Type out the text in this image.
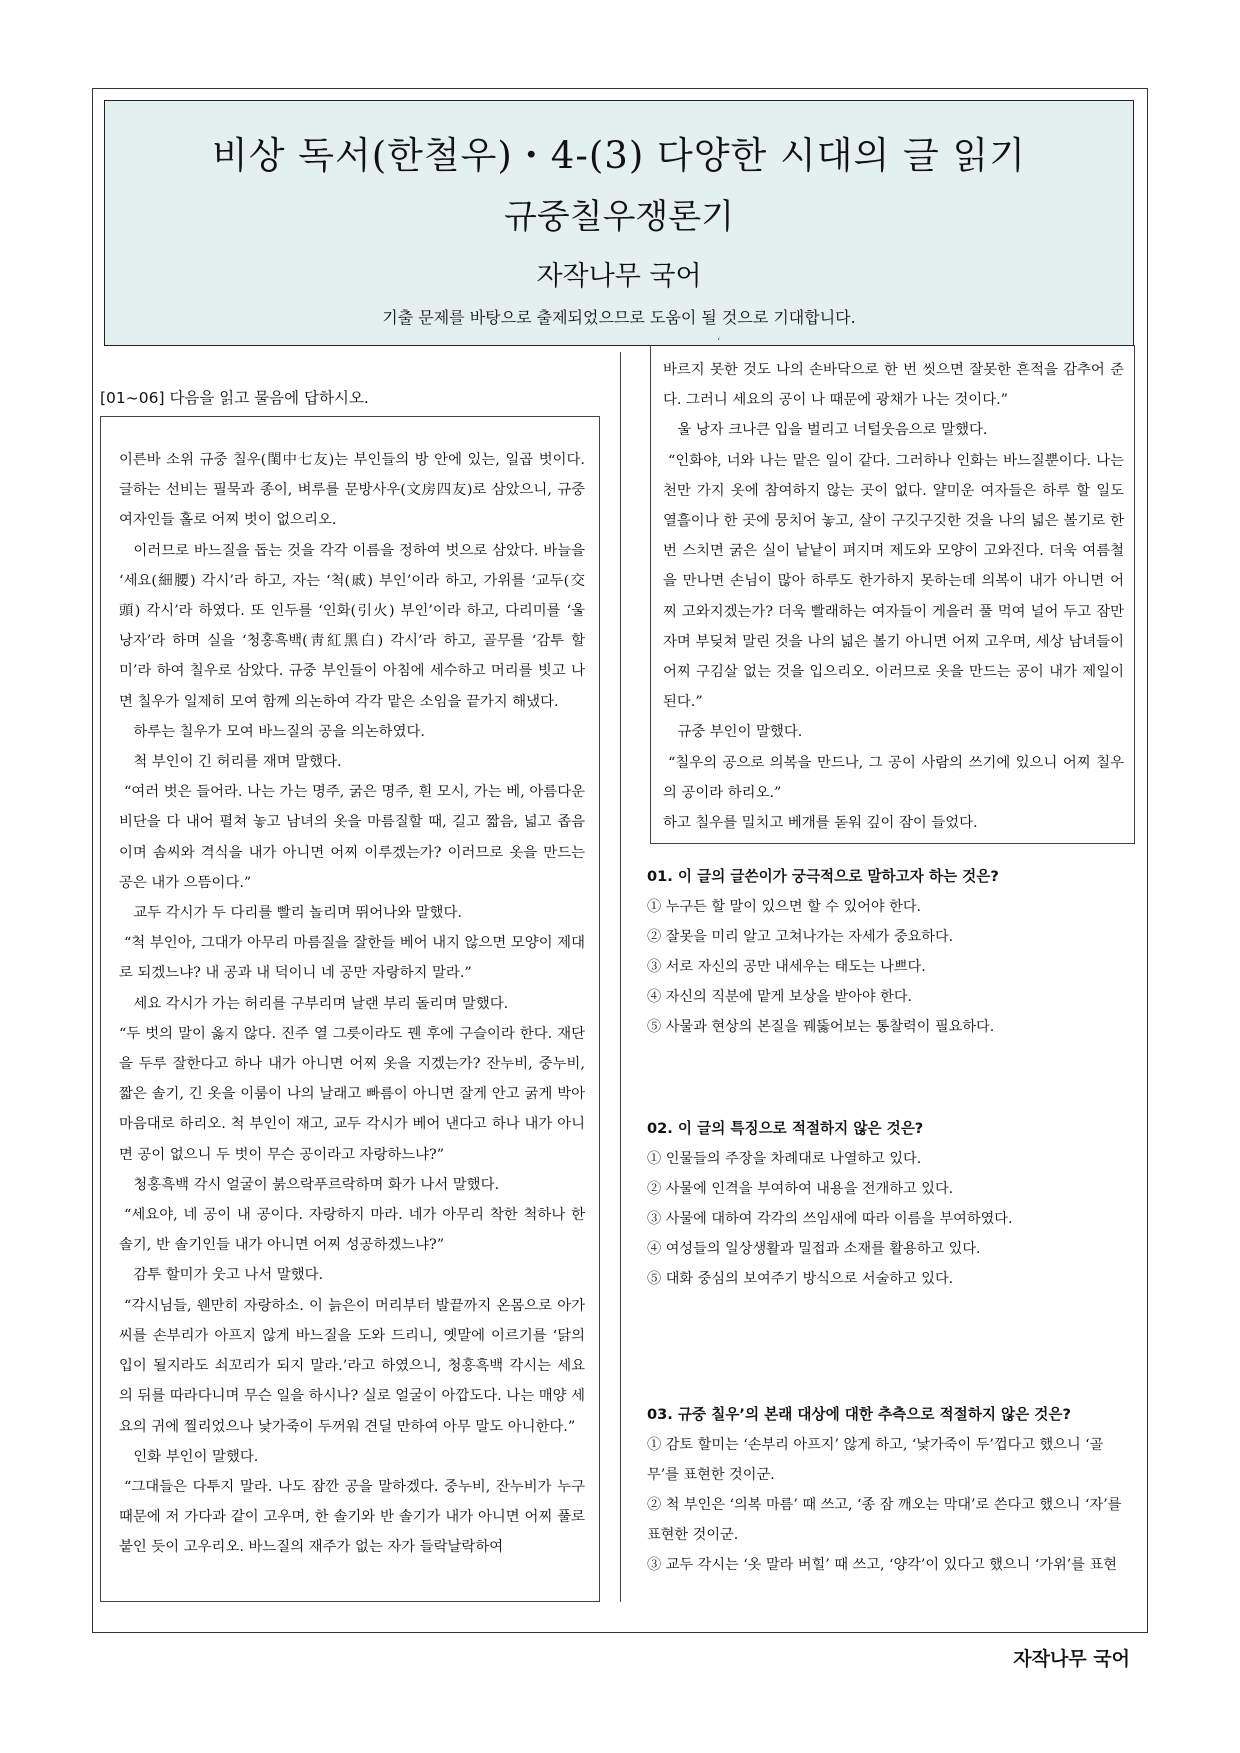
비상 독서(한철우)・4-(3) 다양한 시대의 글 읽기
규중칠우쟁론기
자작나무 국어
기출 문제를 바탕으로 출제되었으므로 도움이 될 것으로 기대합니다.
‘
[01~06] 다음을 읽고 물음에 답하시오.

이른바 소위 규중 칠우(閨中七友)는 부인들의 방 안에 있는, 일곱 벗이다. 글하는 선비는 필묵과 종이, 벼루를 문방사우(文房四友)로 삼았으니, 규중 여자인들 홀로 어찌 벗이 없으리오.

이러므로 바느질을 돕는 것을 각각 이름을 정하여 벗으로 삼았다. 바늘을 ‘세요(細腰) 각시’라 하고, 자는 ‘척(戚) 부인’이라 하고, 가위를 ‘교두(交頭) 각시’라 하였다. 또 인두를 ‘인화(引火) 부인’이라 하고, 다리미를 ‘울 낭자’라 하며 실을 ‘청홍흑백(靑紅黑白) 각시’라 하고, 골무를 ‘감투 할미’라 하여 칠우로 삼았다. 규중 부인들이 아침에 세수하고 머리를 빗고 나면 칠우가 일제히 모여 함께 의논하여 각각 맡은 소임을 끝가지 해냈다.

하루는 칠우가 모여 바느질의 공을 의논하였다.

척 부인이 긴 허리를 재며 말했다.

“여러 벗은 들어라. 나는 가는 명주, 굵은 명주, 흰 모시, 가는 베, 아름다운 비단을 다 내어 펼쳐 놓고 남녀의 옷을 마름질할 때, 길고 짧음, 넓고 좁음이며 솜씨와 격식을 내가 아니면 어찌 이루겠는가? 이러므로 옷을 만드는 공은 내가 으뜸이다.”

교두 각시가 두 다리를 빨리 놀리며 뛰어나와 말했다.

“척 부인아, 그대가 아무리 마름질을 잘한들 베어 내지 않으면 모양이 제대로 되겠느냐? 내 공과 내 덕이니 네 공만 자랑하지 말라.”

세요 각시가 가는 허리를 구부리며 날랜 부리 돌리며 말했다.

“두 벗의 말이 옳지 않다. 진주 열 그릇이라도 꿴 후에 구슬이라 한다. 재단을 두루 잘한다고 하나 내가 아니면 어찌 옷을 지겠는가? 잔누비, 중누비, 짧은 솔기, 긴 옷을 이룸이 나의 날래고 빠름이 아니면 잘게 안고 굵게 박아 마음대로 하리오. 척 부인이 재고, 교두 각시가 베어 낸다고 하나 내가 아니면 공이 없으니 두 벗이 무슨 공이라고 자랑하느냐?”

청홍흑백 각시 얼굴이 붉으락푸르락하며 화가 나서 말했다.

“세요야, 네 공이 내 공이다. 자랑하지 마라. 네가 아무리 착한 척하나 한 솔기, 반 솔기인들 내가 아니면 어찌 성공하겠느냐?”

감투 할미가 웃고 나서 말했다.

“각시님들, 웬만히 자랑하소. 이 늙은이 머리부터 발끝까지 온몸으로 아가씨를 손부리가 아프지 않게 바느질을 도와 드리니, 옛말에 이르기를 ‘닭의 입이 될지라도 쇠꼬리가 되지 말라.’라고 하였으니, 청홍흑백 각시는 세요의 뒤를 따라다니며 무슨 일을 하시나? 실로 얼굴이 아깝도다. 나는 매양 세요의 귀에 찔리었으나 낯가죽이 두꺼워 견딜 만하여 아무 말도 아니한다.”

인화 부인이 말했다.

“그대들은 다투지 말라. 나도 잠깐 공을 말하겠다. 중누비, 잔누비가 누구 때문에 저 가다과 같이 고우며, 한 솔기와 반 솔기가 내가 아니면 어찌 풀로 붙인 듯이 고우리오. 바느질의 재주가 없는 자가 들락날락하여

바르지 못한 것도 나의 손바닥으로 한 번 씻으면 잘못한 흔적을 감추어 준다. 그러니 세요의 공이 나 때문에 광채가 나는 것이다.”

울 낭자 크나큰 입을 벌리고 너털웃음으로 말했다.

“인화야, 너와 나는 맡은 일이 같다. 그러하나 인화는 바느질뿐이다. 나는 천만 가지 옷에 참여하지 않는 곳이 없다. 얄미운 여자들은 하루 할 일도 열흘이나 한 곳에 뭉치어 놓고, 살이 구깃구깃한 것을 나의 넓은 볼기로 한 번 스치면 굵은 실이 낱낱이 펴지며 제도와 모양이 고와진다. 더욱 여름철을 만나면 손님이 많아 하루도 한가하지 못하는데 의복이 내가 아니면 어찌 고와지겠는가? 더욱 빨래하는 여자들이 게을러 풀 먹여 널어 두고 잠만 자며 부딪쳐 말린 것을 나의 넓은 볼기 아니면 어찌 고우며, 세상 남녀들이 어찌 구김살 없는 것을 입으리오. 이러므로 옷을 만드는 공이 내가 제일이 된다.”

규중 부인이 말했다.

“칠우의 공으로 의복을 만드나, 그 공이 사람의 쓰기에 있으니 어찌 칠우의 공이라 하리오.”

하고 칠우를 밀치고 베개를 돋워 깊이 잠이 들었다.

01. 이 글의 글쓴이가 궁극적으로 말하고자 하는 것은?

① 누구든 할 말이 있으면 할 수 있어야 한다.

② 잘못을 미리 알고 고쳐나가는 자세가 중요하다.

③ 서로 자신의 공만 내세우는 태도는 나쁘다.

④ 자신의 직분에 맡게 보상을 받아야 한다.

⑤ 사물과 현상의 본질을 꿰뚫어보는 통찰력이 필요하다.

02. 이 글의 특징으로 적절하지 않은 것은?

① 인물들의 주장을 차례대로 나열하고 있다.

② 사물에 인격을 부여하여 내용을 전개하고 있다.

③ 사물에 대하여 각각의 쓰임새에 따라 이름을 부여하였다.

④ 여성들의 일상생활과 밀접과 소재를 활용하고 있다.

⑤ 대화 중심의 보여주기 방식으로 서술하고 있다.

03. 규중 칠우’의 본래 대상에 대한 추측으로 적절하지 않은 것은?

① 감토 할미는 ‘손부리 아프지’ 않게 하고, ‘낯가죽이 두’껍다고 했으니 ‘골무’를 표현한 것이군.

② 척 부인은 ‘의복 마름’ 때 쓰고, ‘종 잠 깨오는 막대’로 쓴다고 했으니 ‘자’를 표현한 것이군.

③ 교두 각시는 ‘옷 말라 버힐’ 때 쓰고, ‘양각’이 있다고 했으니 ‘가위’를 표현

자작나무 국어
